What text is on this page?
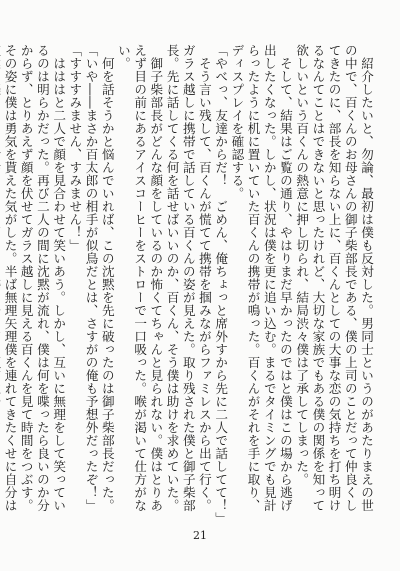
紹介したいと、勿論、最初は僕も反対した。男同士というのがあたりまえの世の中で、百くんのお母さんの御子柴部長である、僕の上司のことだって仲良くしてきたのに、部長を知らない上に、百くんとしての大事な恋の気持ちを打ち明けるなんてことはできないと思ったけれど、大切な家族でもある僕の関係を知って欲しいという百くんの熱意に押し切られ、結局渋々僕は了承してしまった。

そして、結果はご覧の通り、やはりまだ早かったのではと僕はこの場から逃げ出したくなった。しかし、状況は僕を更に追い込む。まるでタイミングでも見計らったように机に置いていた百くんの携帯が鳴った。百くんがそれを手に取り、ディスプレイを確認する。

「やべっ、友達からだ！　ごめん、俺ちょっと席外すから先に二人で話してて！」

そう言い残して、百くんが慌てて携帯を掴みながらファミレスから出て行く。ガラス越しに携帯で話している百くんの姿が見えた。取り残された僕と御子柴部長。先に話してくる何を話せばいいのか、百くん、そう僕は助けを求めていた。

御子柴部長がどんな顔をしているのか怖くてちゃんと見られない。僕はとりあえず目の前にあるアイスコーヒーをストローで一口吸った。喉が渇いて仕方がない。

何を話そうかと悩んでいれば、この沈黙を先に破ったのは御子柴部長だった。

「いや――まさか百太郎の相手が似鳥だとは、さすがの俺も予想外だったぞ！」

「すすすみません、すみません！」

はははと二人で顔を見合わせて笑いあう。しかし、互いに無理をして笑っているのは明らかだった。再び二人の間に沈黙が流れ、僕は何を喋ったら良いのか分からず、とりあえず顔を伏せてガラス越しに見える百くんを見て時間をつぶす。その姿に僕は勇気を貰えた気がした。半ば無理矢理僕を連れてきたくせに自分は

21
